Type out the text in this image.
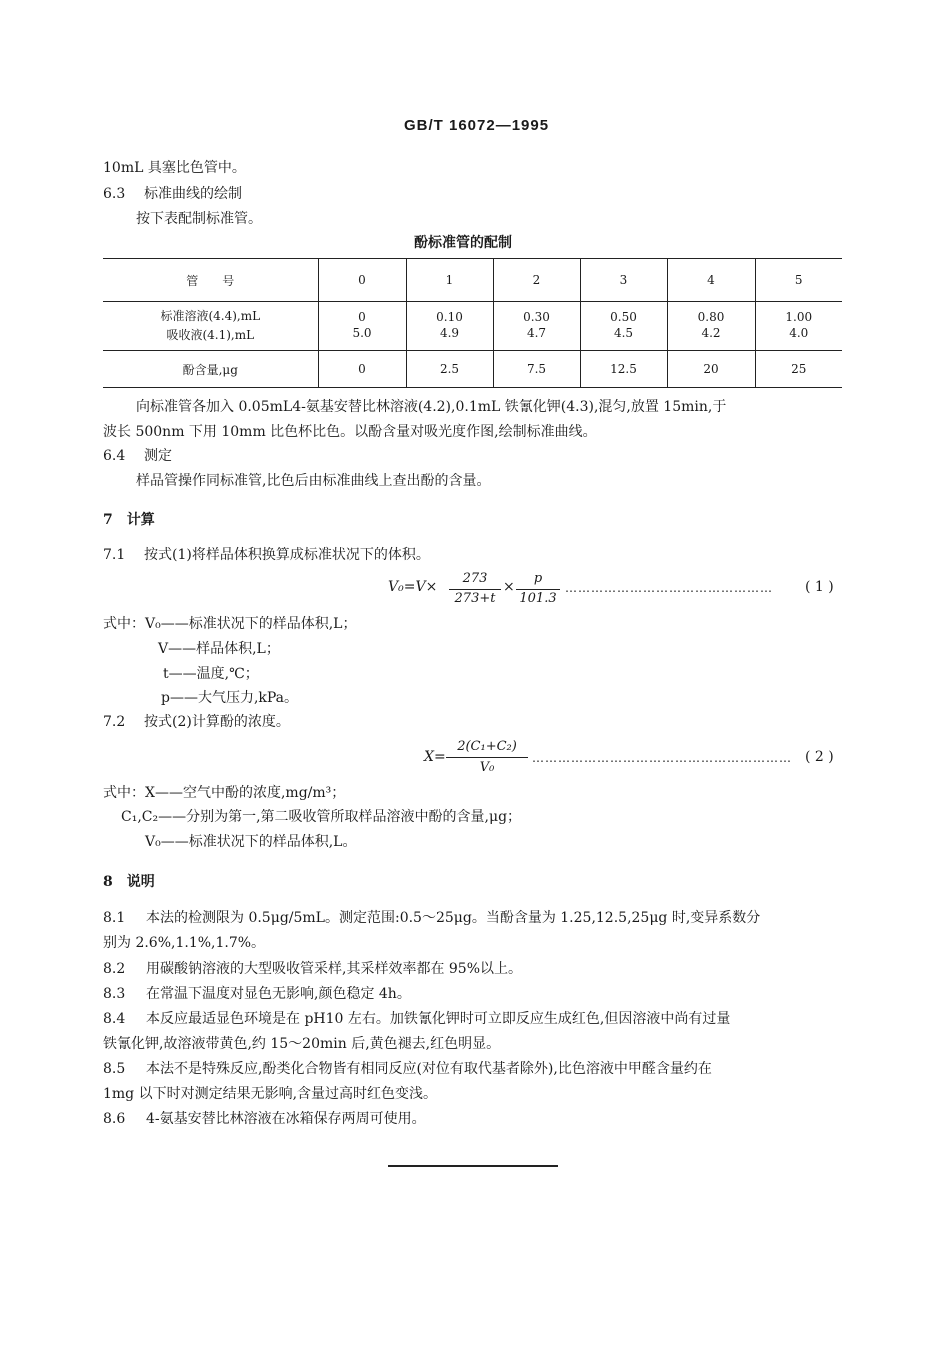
GB/T 16072—1995
10mL 具塞比色管中。
6.3 标准曲线的绘制
按下表配制标准管。
酚标准管的配制
管　　号	0	1	2	3	4	5
标准溶液(4.4),mL	0	0.10	0.30	0.50	0.80	1.00
吸收液(4.1),mL	5.0	4.9	4.7	4.5	4.2	4.0
酚含量,μg	0	2.5	7.5	12.5	20	25
向标准管各加入 0.05mL4-氨基安替比林溶液(4.2),0.1mL 铁氰化钾(4.3),混匀,放置 15min,于
波长 500nm 下用 10mm 比色杯比色。以酚含量对吸光度作图,绘制标准曲线。
6.4 测定
样品管操作同标准管,比色后由标准曲线上查出酚的含量。
7　计算
7.1 按式(1)将样品体积换算成标准状况下的体积。
V₀=V×
273
273+t
×
p
101.3
………………………………………… ( 1 )
式中：V₀——标准状况下的样品体积,L；
V——样品体积,L；
t——温度,℃；
p——大气压力,kPa。
7.2 按式(2)计算酚的浓度。
X=
2(C₁+C₂)
V₀
…………………………………………………… ( 2 )
式中：X——空气中酚的浓度,mg/m³；
C₁,C₂——分别为第一,第二吸收管所取样品溶液中酚的含量,μg；
V₀——标准状况下的样品体积,L。
8　说明
8.1 本法的检测限为 0.5μg/5mL。测定范围:0.5～25μg。当酚含量为 1.25,12.5,25μg 时,变异系数分
别为 2.6%,1.1%,1.7%。
8.2 用碳酸钠溶液的大型吸收管采样,其采样效率都在 95%以上。
8.3 在常温下温度对显色无影响,颜色稳定 4h。
8.4 本反应最适显色环境是在 pH10 左右。加铁氰化钾时可立即反应生成红色,但因溶液中尚有过量
铁氰化钾,故溶液带黄色,约 15～20min 后,黄色褪去,红色明显。
8.5 本法不是特殊反应,酚类化合物皆有相同反应(对位有取代基者除外),比色溶液中甲醛含量约在
1mg 以下时对测定结果无影响,含量过高时红色变浅。
8.6 4-氨基安替比林溶液在冰箱保存两周可使用。
